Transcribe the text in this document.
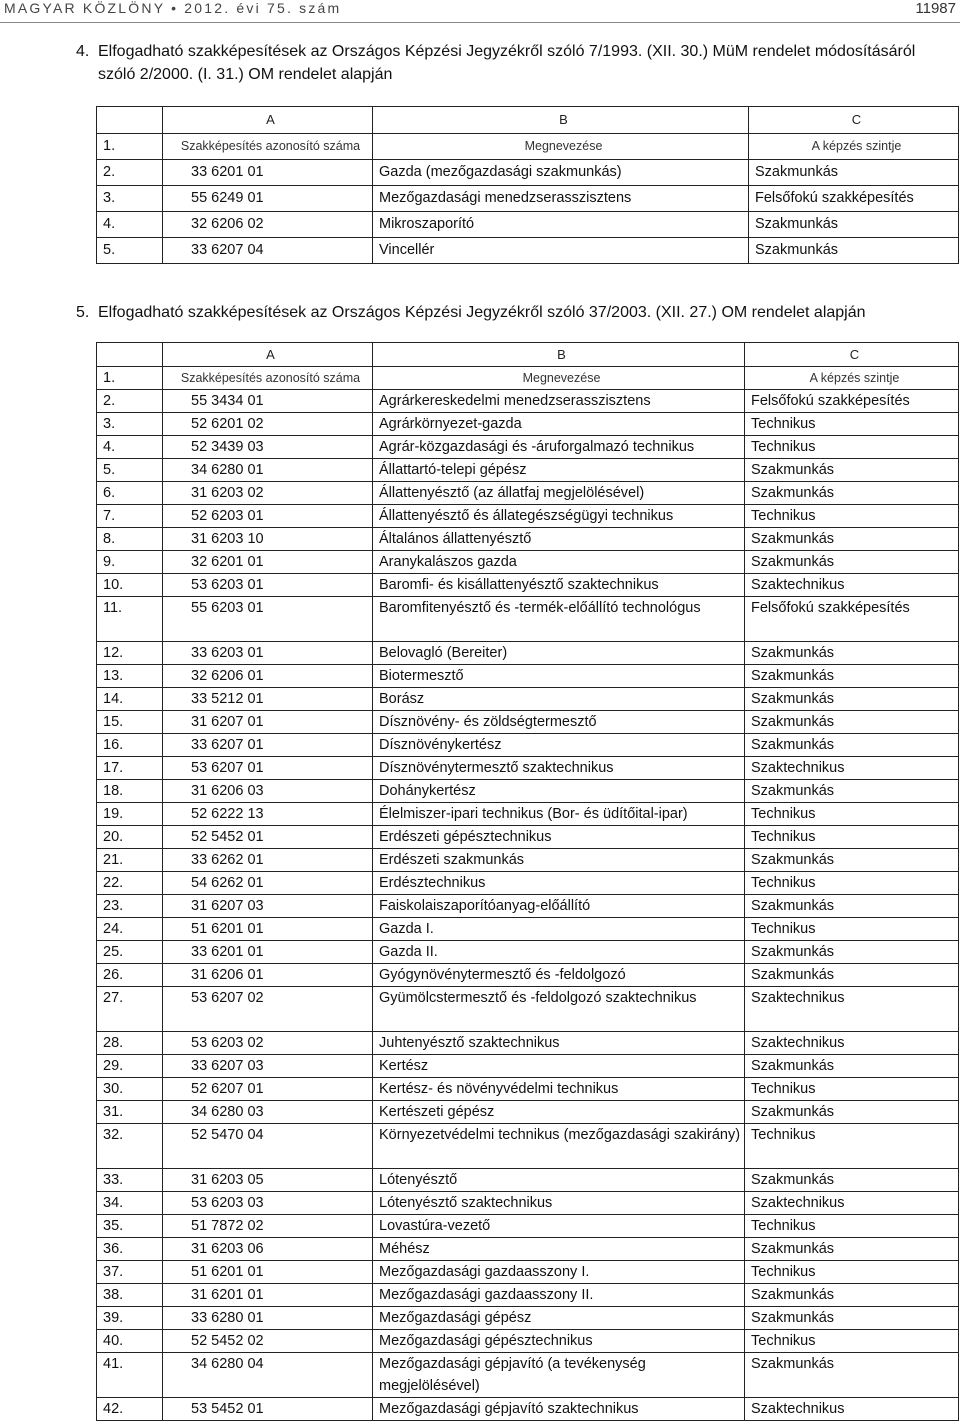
MAGYAR KÖZLÖNY • 2012. évi 75. szám	11987
4. Elfogadható szakképesítések az Országos Képzési Jegyzékről szóló 7/1993. (XII. 30.) MüM rendelet módosításáról szóló 2/2000. (I. 31.) OM rendelet alapján
	A	B	C
1.	Szakképesítés azonosító száma	Megnevezése	A képzés szintje
2.	33 6201 01	Gazda (mezőgazdasági szakmunkás)	Szakmunkás
3.	55 6249 01	Mezőgazdasági menedzserasszisztens	Felsőfokú szakképesítés
4.	32 6206 02	Mikroszaporító	Szakmunkás
5.	33 6207 04	Vincellér	Szakmunkás
5. Elfogadható szakképesítések az Országos Képzési Jegyzékről szóló 37/2003. (XII. 27.) OM rendelet alapján
	A	B	C
1.	Szakképesítés azonosító száma	Megnevezése	A képzés szintje
2.	55 3434 01	Agrárkereskedelmi menedzserasszisztens	Felsőfokú szakképesítés
3.	52 6201 02	Agrárkörnyezet-gazda	Technikus
4.	52 3439 03	Agrár-közgazdasági és -áruforgalmazó technikus	Technikus
5.	34 6280 01	Állattartó-telepi gépész	Szakmunkás
6.	31 6203 02	Állattenyésztő (az állatfaj megjelölésével)	Szakmunkás
7.	52 6203 01	Állattenyésztő és állategészségügyi technikus	Technikus
8.	31 6203 10	Általános állattenyésztő	Szakmunkás
9.	32 6201 01	Aranykalászos gazda	Szakmunkás
10.	53 6203 01	Baromfi- és kisállattenyésztő szaktechnikus	Szaktechnikus
11.	55 6203 01	Baromfitenyésztő és -termék-előállító technológus	Felsőfokú szakképesítés
12.	33 6203 01	Belovagló (Bereiter)	Szakmunkás
13.	32 6206 01	Biotermesztő	Szakmunkás
14.	33 5212 01	Borász	Szakmunkás
15.	31 6207 01	Dísznövény- és zöldségtermesztő	Szakmunkás
16.	33 6207 01	Dísznövénykertész	Szakmunkás
17.	53 6207 01	Dísznövénytermesztő szaktechnikus	Szaktechnikus
18.	31 6206 03	Dohánykertész	Szakmunkás
19.	52 6222 13	Élelmiszer-ipari technikus (Bor- és üdítőital-ipar)	Technikus
20.	52 5452 01	Erdészeti gépésztechnikus	Technikus
21.	33 6262 01	Erdészeti szakmunkás	Szakmunkás
22.	54 6262 01	Erdésztechnikus	Technikus
23.	31 6207 03	Faiskolaiszaporítóanyag-előállító	Szakmunkás
24.	51 6201 01	Gazda I.	Technikus
25.	33 6201 01	Gazda II.	Szakmunkás
26.	31 6206 01	Gyógynövénytermesztő és -feldolgozó	Szakmunkás
27.	53 6207 02	Gyümölcstermesztő és -feldolgozó szaktechnikus	Szaktechnikus
28.	53 6203 02	Juhtenyésztő szaktechnikus	Szaktechnikus
29.	33 6207 03	Kertész	Szakmunkás
30.	52 6207 01	Kertész- és növényvédelmi technikus	Technikus
31.	34 6280 03	Kertészeti gépész	Szakmunkás
32.	52 5470 04	Környezetvédelmi technikus (mezőgazdasági szakirány)	Technikus
33.	31 6203 05	Lótenyésztő	Szakmunkás
34.	53 6203 03	Lótenyésztő szaktechnikus	Szaktechnikus
35.	51 7872 02	Lovastúra-vezető	Technikus
36.	31 6203 06	Méhész	Szakmunkás
37.	51 6201 01	Mezőgazdasági gazdaasszony I.	Technikus
38.	31 6201 01	Mezőgazdasági gazdaasszony II.	Szakmunkás
39.	33 6280 01	Mezőgazdasági gépész	Szakmunkás
40.	52 5452 02	Mezőgazdasági gépésztechnikus	Technikus
41.	34 6280 04	Mezőgazdasági gépjavító (a tevékenység megjelölésével)	Szakmunkás
42.	53 5452 01	Mezőgazdasági gépjavító szaktechnikus	Szaktechnikus
